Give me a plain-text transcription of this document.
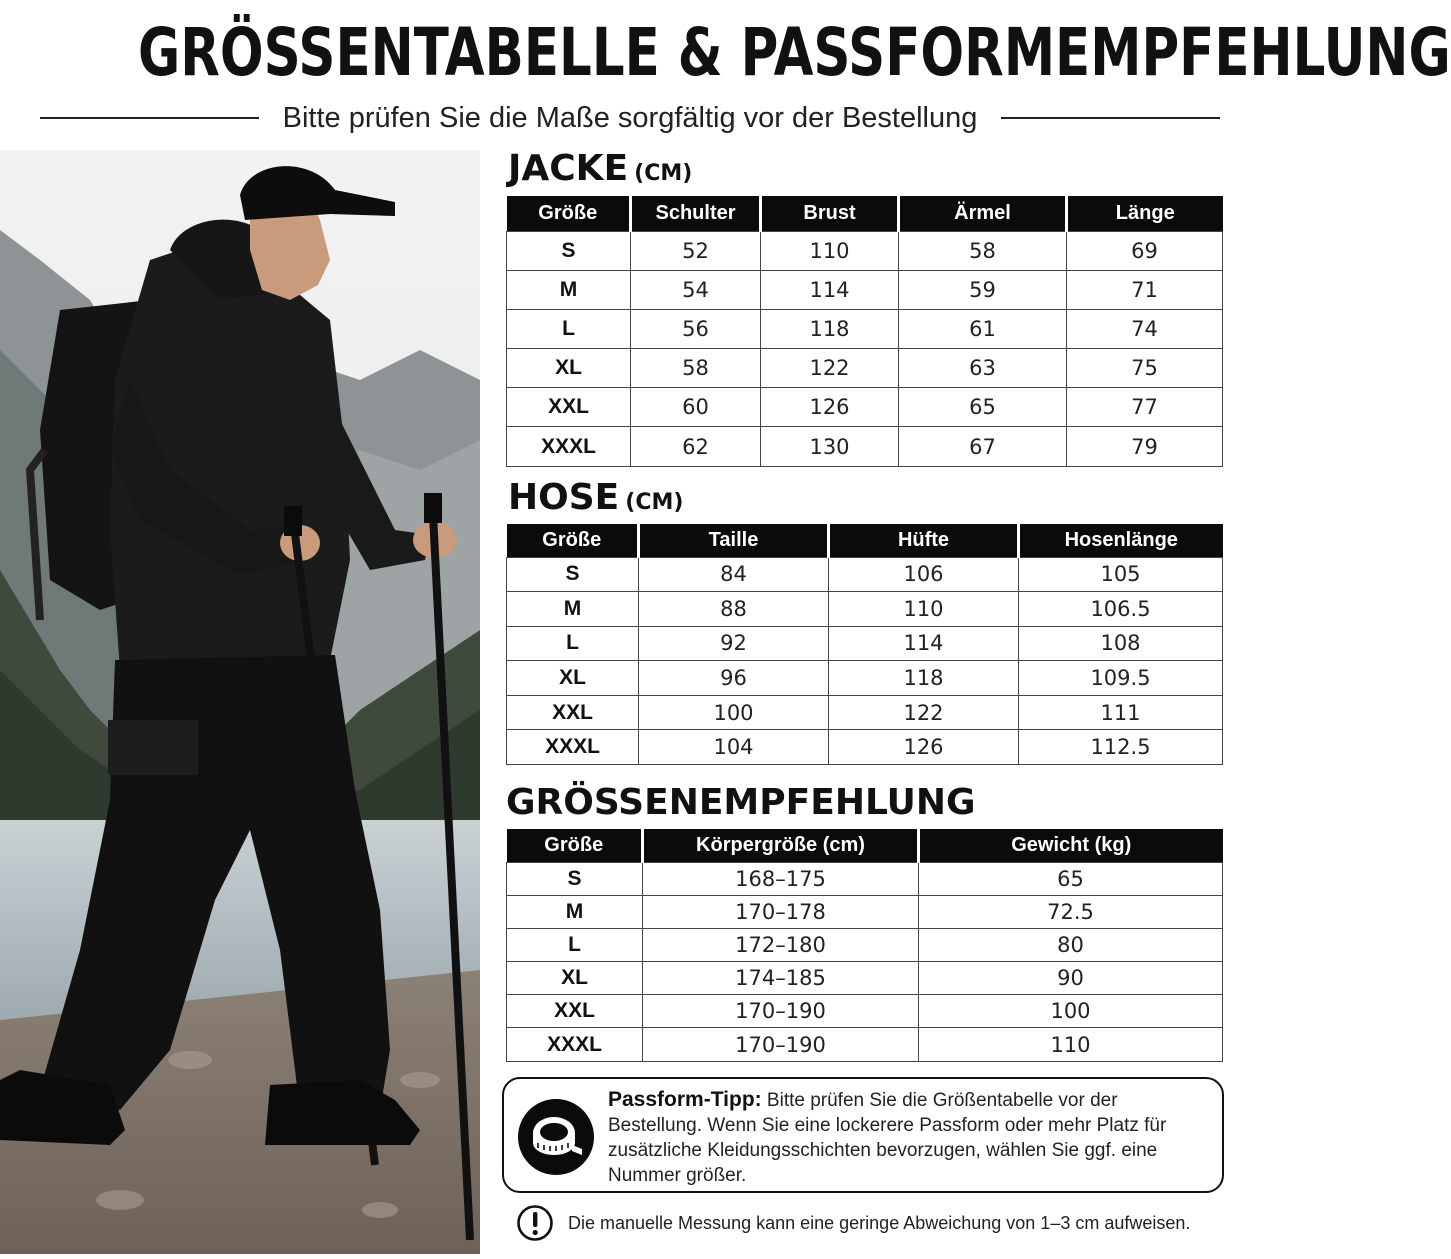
GRÖSSENTABELLE & PASSFORMEMPFEHLUNG
Bitte prüfen Sie die Maße sorgfältig vor der Bestellung
JACKE (CM)
Größe	Schulter	Brust	Ärmel	Länge
S	52	110	58	69
M	54	114	59	71
L	56	118	61	74
XL	58	122	63	75
XXL	60	126	65	77
XXXL	62	130	67	79
HOSE (CM)
Größe	Taille	Hüfte	Hosenlänge
S	84	106	105
M	88	110	106.5
L	92	114	108
XL	96	118	109.5
XXL	100	122	111
XXXL	104	126	112.5
GRÖSSENEMPFEHLUNG
Größe	Körpergröße (cm)	Gewicht (kg)
S	168–175	65
M	170–178	72.5
L	172–180	80
XL	174–185	90
XXL	170–190	100
XXXL	170–190	110
Passform-Tipp: Bitte prüfen Sie die Größentabelle vor der Bestellung. Wenn Sie eine lockerere Passform oder mehr Platz für zusätzliche Kleidungsschichten bevorzugen, wählen Sie ggf. eine Nummer größer.
Die manuelle Messung kann eine geringe Abweichung von 1–3 cm aufweisen.
